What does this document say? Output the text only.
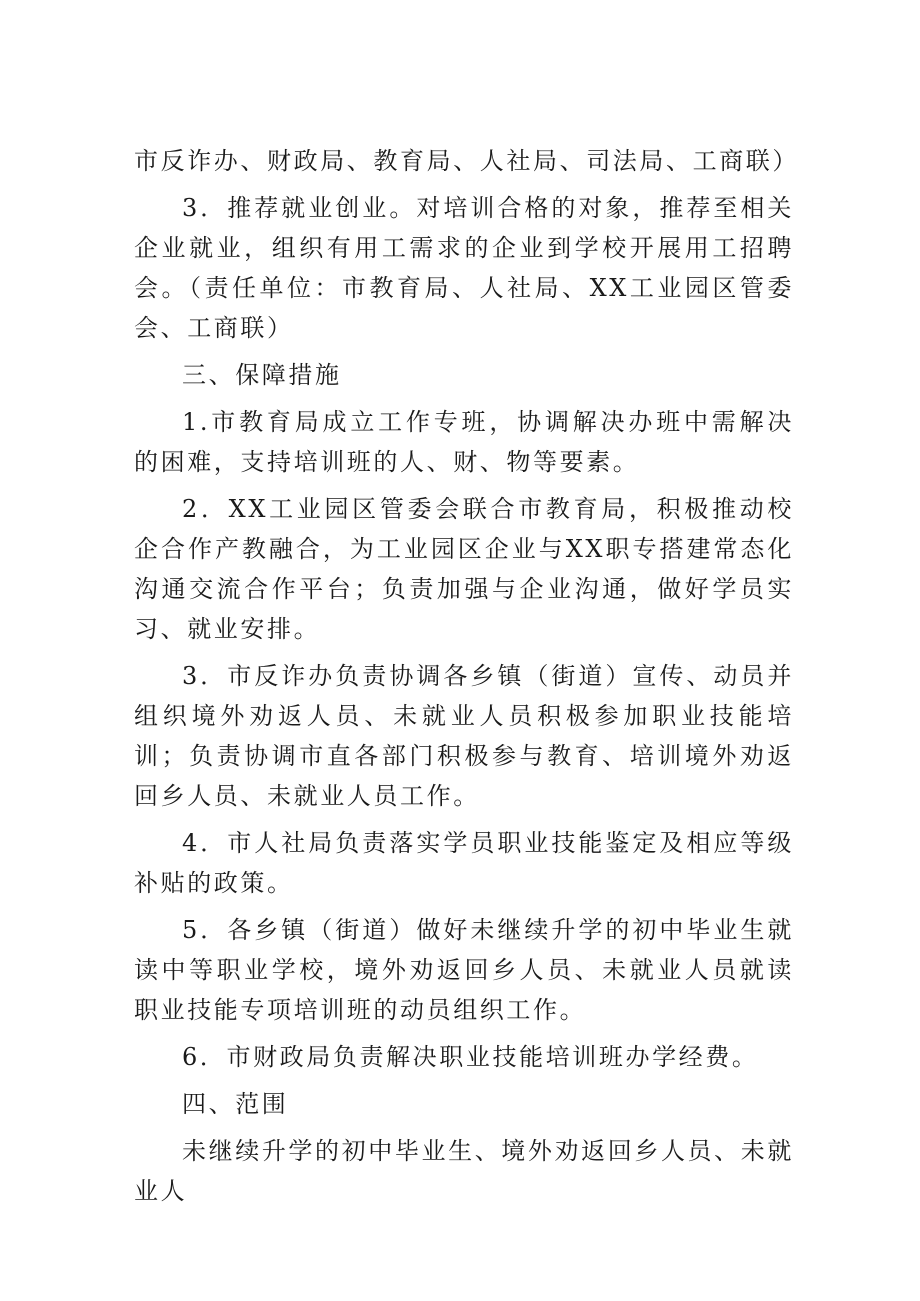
市反诈办、财政局、教育局、人社局、司法局、工商联）

3．推荐就业创业。对培训合格的对象，推荐至相关企业就业，组织有用工需求的企业到学校开展用工招聘会。（责任单位：市教育局、人社局、XX工业园区管委会、工商联）

三、保障措施

1.市教育局成立工作专班，协调解决办班中需解决的困难，支持培训班的人、财、物等要素。

2．XX工业园区管委会联合市教育局，积极推动校企合作产教融合，为工业园区企业与XX职专搭建常态化沟通交流合作平台；负责加强与企业沟通，做好学员实习、就业安排。

3．市反诈办负责协调各乡镇（街道）宣传、动员并组织境外劝返人员、未就业人员积极参加职业技能培训；负责协调市直各部门积极参与教育、培训境外劝返回乡人员、未就业人员工作。

4．市人社局负责落实学员职业技能鉴定及相应等级补贴的政策。

5．各乡镇（街道）做好未继续升学的初中毕业生就读中等职业学校，境外劝返回乡人员、未就业人员就读职业技能专项培训班的动员组织工作。

6．市财政局负责解决职业技能培训班办学经费。

四、范围

未继续升学的初中毕业生、境外劝返回乡人员、未就业人
